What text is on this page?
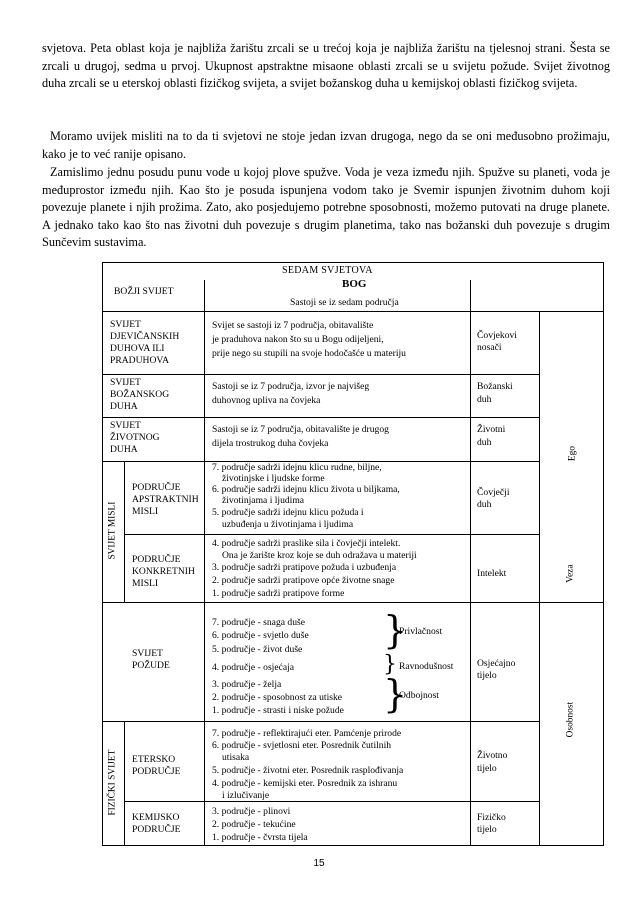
svjetova. Peta oblast koja je najbliža žarištu zrcali se u trećoj koja je najbliža žarištu na tjelesnoj strani. Šesta se zrcali u drugoj, sedma u prvoj. Ukupnost apstraktne misaone oblasti zrcali se u svijetu požude. Svijet životnog duha zrcali se u eterskoj oblasti fizičkog svijeta, a svijet božanskog duha u kemijskoj oblasti fizičkog svijeta.

Moramo uvijek misliti na to da ti svjetovi ne stoje jedan izvan drugoga, nego da se oni međusobno prožimaju, kako je to već ranije opisano.

Zamislimo jednu posudu punu vode u kojoj plove spužve. Voda je veza između njih. Spužve su planeti, voda je međuprostor između njih. Kao što je posuda ispunjena vodom tako je Svemir ispunjen životnim duhom koji povezuje planete i njih prožima. Zato, ako posjedujemo potrebne sposobnosti, možemo putovati na druge planete. A jednako tako kao što nas životni duh povezuje s drugim planetima, tako nas božanski duh povezuje s drugim Sunčevim sustavima.

SEDAM SVJETOVA

BOG

Sastoji se iz sedam područja

BOŽJI SVIJET

SVIJET

DJEVIČANSKIH

DUHOVA ILI

PRADUHOVA

Svijet se sastoji iz 7 područja, obitavalište

je praduhova nakon što su u Bogu odijeljeni,

prije nego su stupili na svoje hodočašće u materiju

Čovjekovi

nosači

SVIJET

BOŽANSKOG

DUHA

Sastoji se iz 7 područja, izvor je najvišeg

duhovnog upliva na čovjeka

Božanski

duh

SVIJET

ŽIVOTNOG

DUHA

Sastoji se iz 7 područja, obitavalište je drugog

dijela trostrukog duha čovjeka

Životni

duh

Ego
SVIJET MISLI

PODRUČJE

APSTRAKTNIH

MISLI

7. područje sadrži idejnu klicu rudne, biljne,

životinjske i ljudske forme

6. područje sadrži idejnu klicu života u biljkama,

životinjama i ljudima

5. područje sadrži idejnu klicu požuda i

uzbuđenja u životinjama i ljudima

Čovječji

duh

PODRUČJE

KONKRETNIH

MISLI

4. područje sadrži praslike sila i čovječji intelekt.

Ona je žarište kroz koje se duh odražava u materiji

3. područje sadrži pratipove požuda i uzbuđenja

2. područje sadrži pratipove opće životne snage

1. područje sadrži pratipove forme

Intelekt	Veza

SVIJET

POŽUDE

7. područje - snaga duše

6. područje - svjetlo duše

5. područje - život duše

4. područje - osjećaja

3. područje - želja

2. područje - sposobnost za utiske

1. područje - strasti i niske požude

}
}
}

Privlačnost

Ravnodušnost

Odbojnost

Osjećajno

tijelo

Osobnost
FIZIČKI SVIJET ETERSKO

PODRUČJE

7. područje - reflektirajući eter. Pamćenje prirode

6. područje - svjetlosni eter. Posrednik čutilnih

utisaka

5. područje - životni eter. Posrednik rasplođivanja

4. područje - kemijski eter. Posrednik za ishranu

i izlučivanje

Životno

tijelo

KEMIJSKO

PODRUČJE

3. područje - plinovi

2. područje - tekućine

1. područje - čvrsta tijela

Fizičko

tijelo

15
